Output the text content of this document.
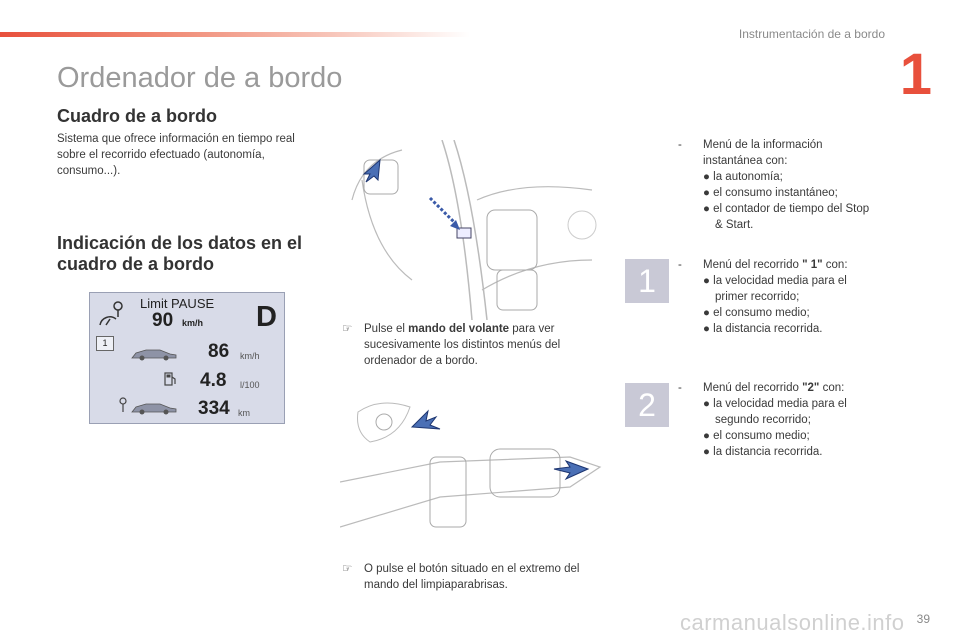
Instrumentación de a bordo
1
Ordenador de a bordo
Cuadro de a bordo
Sistema que ofrece información en tiempo real sobre el recorrido efectuado (autonomía, consumo...).
Indicación de los datos en el cuadro de a bordo
Limit PAUSE
90 km/h D
1	86 km/h
4.8 l/100
334 km
☞	Pulse el mando del volante para ver sucesivamente los distintos menús del ordenador de a bordo.
☞	O pulse el botón situado en el extremo del mando del limpiaparabrisas.
- Menú de la información instantánea con:
● la autonomía;
● el consumo instantáneo;
● el contador de tiempo del Stop & Start.
1	- Menú del recorrido " 1" con:
● la velocidad media para el primer recorrido;
● el consumo medio;
● la distancia recorrida.
2	- Menú del recorrido "2" con:
● la velocidad media para el segundo recorrido;
● el consumo medio;
● la distancia recorrida.
carmanualsonline.info 39
